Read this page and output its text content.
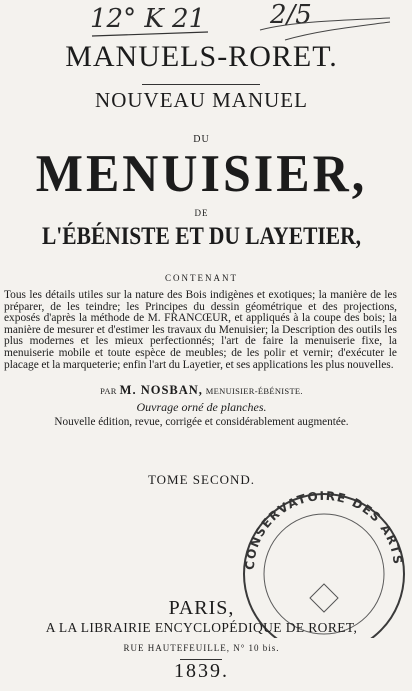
12° K 21 2/5
MANUELS-RORET.
NOUVEAU MANUEL
DU
MENUISIER,
DE
L'ÉBÉNISTE ET DU LAYETIER,
CONTENANT
Tous les détails utiles sur la nature des Bois indigènes et exotiques; la manière de les préparer, de les teindre; les Principes du dessin géométrique et des projections, exposés d'après la méthode de M. FRANCŒUR, et appliqués à la coupe des bois; la manière de mesurer et d'estimer les travaux du Menuisier; la Description des outils les plus modernes et les mieux perfectionnés; l'art de faire la menuiserie fixe, la menuiserie mobile et toute espèce de meubles; de les polir et vernir; d'exécuter le placage et la marqueterie; enfin l'art du Layetier, et ses applications les plus nouvelles.
PAR M. NOSBAN, MENUISIER-ÉBÉNISTE.
Ouvrage orné de planches.
Nouvelle édition, revue, corrigée et considérablement augmentée.
TOME SECOND.
CONSERVATOIRE DES ARTS
PARIS,
A LA LIBRAIRIE ENCYCLOPÉDIQUE DE RORET,
RUE HAUTEFEUILLE, N° 10 bis.
1839.
